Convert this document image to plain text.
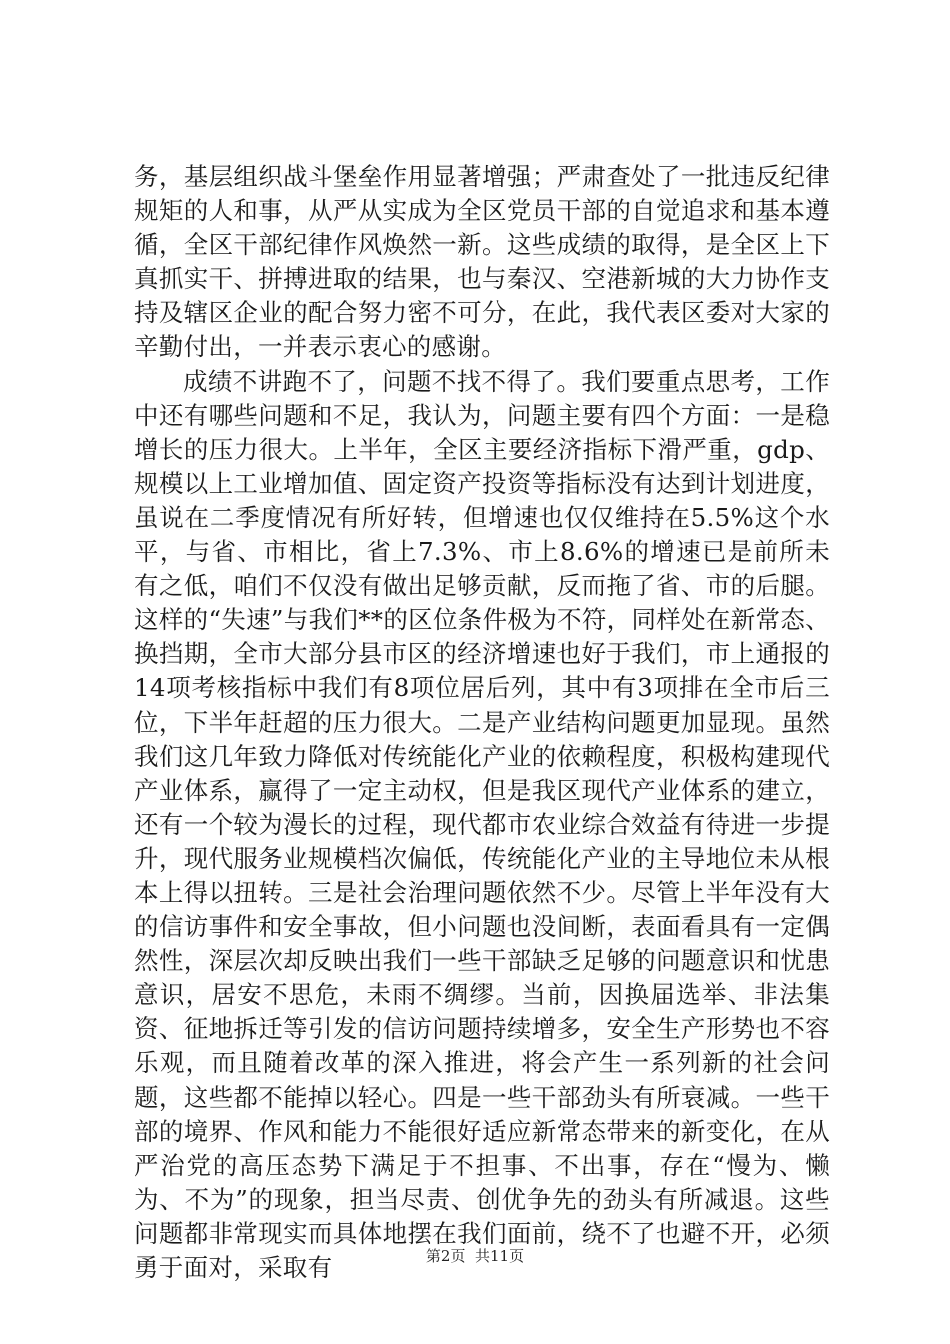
务，基层组织战斗堡垒作用显著增强；严肃查处了一批违反纪律规矩的人和事，从严从实成为全区党员干部的自觉追求和基本遵循，全区干部纪律作风焕然一新。这些成绩的取得，是全区上下真抓实干、拼搏进取的结果，也与秦汉、空港新城的大力协作支持及辖区企业的配合努力密不可分，在此，我代表区委对大家的辛勤付出，一并表示衷心的感谢。

成绩不讲跑不了，问题不找不得了。我们要重点思考，工作中还有哪些问题和不足，我认为，问题主要有四个方面：一是稳增长的压力很大。上半年，全区主要经济指标下滑严重，gdp、规模以上工业增加值、固定资产投资等指标没有达到计划进度，虽说在二季度情况有所好转，但增速也仅仅维持在5.5%这个水平，与省、市相比，省上7.3%、市上8.6%的增速已是前所未有之低，咱们不仅没有做出足够贡献，反而拖了省、市的后腿。这样的“失速”与我们**的区位条件极为不符，同样处在新常态、换挡期，全市大部分县市区的经济增速也好于我们，市上通报的14项考核指标中我们有8项位居后列，其中有3项排在全市后三位，下半年赶超的压力很大。二是产业结构问题更加显现。虽然我们这几年致力降低对传统能化产业的依赖程度，积极构建现代产业体系，赢得了一定主动权，但是我区现代产业体系的建立，还有一个较为漫长的过程，现代都市农业综合效益有待进一步提升，现代服务业规模档次偏低，传统能化产业的主导地位未从根本上得以扭转。三是社会治理问题依然不少。尽管上半年没有大的信访事件和安全事故，但小问题也没间断，表面看具有一定偶然性，深层次却反映出我们一些干部缺乏足够的问题意识和忧患意识，居安不思危，未雨不绸缪。当前，因换届选举、非法集资、征地拆迁等引发的信访问题持续增多，安全生产形势也不容乐观，而且随着改革的深入推进，将会产生一系列新的社会问题，这些都不能掉以轻心。四是一些干部劲头有所衰减。一些干部的境界、作风和能力不能很好适应新常态带来的新变化，在从严治党的高压态势下满足于不担事、不出事，存在“慢为、懒为、不为”的现象，担当尽责、创优争先的劲头有所减退。这些问题都非常现实而具体地摆在我们面前，绕不了也避不开，必须勇于面对，采取有	第2页  共11页
